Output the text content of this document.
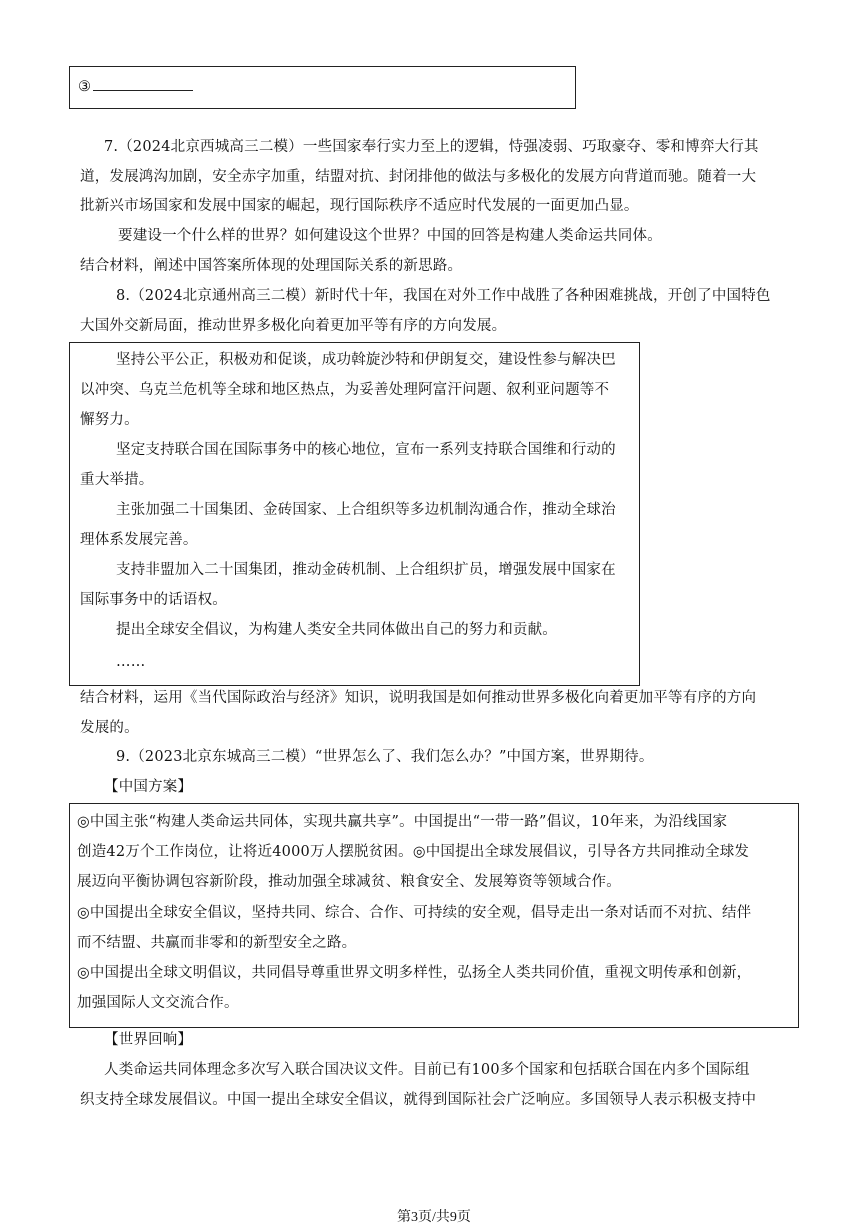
③
7.（2024北京西城高三二模）一些国家奉行实力至上的逻辑，恃强凌弱、巧取豪夺、零和博弈大行其
道，发展鸿沟加剧，安全赤字加重，结盟对抗、封闭排他的做法与多极化的发展方向背道而驰。随着一大
批新兴市场国家和发展中国家的崛起，现行国际秩序不适应时代发展的一面更加凸显。
要建设一个什么样的世界？如何建设这个世界？中国的回答是构建人类命运共同体。
结合材料，阐述中国答案所体现的处理国际关系的新思路。
8.（2024北京通州高三二模）新时代十年，我国在对外工作中战胜了各种困难挑战，开创了中国特色
大国外交新局面，推动世界多极化向着更加平等有序的方向发展。
坚持公平公正，积极劝和促谈，成功斡旋沙特和伊朗复交，建设性参与解决巴
以冲突、乌克兰危机等全球和地区热点，为妥善处理阿富汗问题、叙利亚问题等不
懈努力。
坚定支持联合国在国际事务中的核心地位，宣布一系列支持联合国维和行动的
重大举措。
主张加强二十国集团、金砖国家、上合组织等多边机制沟通合作，推动全球治
理体系发展完善。
支持非盟加入二十国集团，推动金砖机制、上合组织扩员，增强发展中国家在
国际事务中的话语权。
提出全球安全倡议，为构建人类安全共同体做出自己的努力和贡献。
……
结合材料，运用《当代国际政治与经济》知识，说明我国是如何推动世界多极化向着更加平等有序的方向
发展的。
9.（2023北京东城高三二模）“世界怎么了、我们怎么办？”中国方案，世界期待。
【中国方案】
◎中国主张“构建人类命运共同体，实现共赢共享”。中国提出“一带一路”倡议，10年来，为沿线国家
创造42万个工作岗位，让将近4000万人摆脱贫困。◎中国提出全球发展倡议，引导各方共同推动全球发
展迈向平衡协调包容新阶段，推动加强全球减贫、粮食安全、发展筹资等领域合作。
◎中国提出全球安全倡议，坚持共同、综合、合作、可持续的安全观，倡导走出一条对话而不对抗、结伴
而不结盟、共赢而非零和的新型安全之路。
◎中国提出全球文明倡议，共同倡导尊重世界文明多样性，弘扬全人类共同价值，重视文明传承和创新，
加强国际人文交流合作。
【世界回响】
人类命运共同体理念多次写入联合国决议文件。目前已有100多个国家和包括联合国在内多个国际组
织支持全球发展倡议。中国一提出全球安全倡议，就得到国际社会广泛响应。多国领导人表示积极支持中
第3页/共9页
